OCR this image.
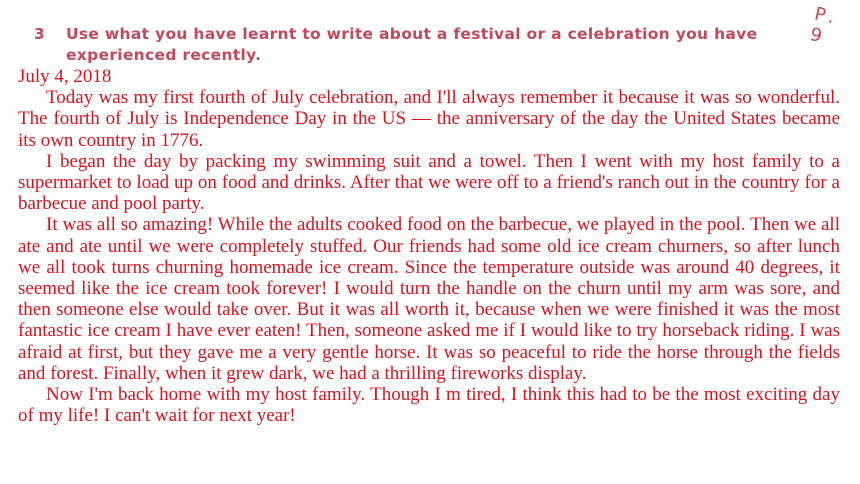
3	Use what you have learnt to write about a festival or a celebration you have experienced recently.
P. 9

July 4, 2018

Today was my first fourth of July celebration, and I'll always remember it because it was so wonderful. The fourth of July is Independence Day in the US — the anniversary of the day the United States became its own country in 1776.

I began the day by packing my swimming suit and a towel. Then I went with my host family to a supermarket to load up on food and drinks. After that we were off to a friend's ranch out in the country for a barbecue and pool party.

It was all so amazing! While the adults cooked food on the barbecue, we played in the pool. Then we all ate and ate until we were completely stuffed. Our friends had some old ice cream churners, so after lunch we all took turns churning homemade ice cream. Since the temperature outside was around 40 degrees, it seemed like the ice cream took forever! I would turn the handle on the churn until my arm was sore, and then someone else would take over. But it was all worth it, because when we were finished it was the most fantastic ice cream I have ever eaten! Then, someone asked me if I would like to try horseback riding. I was afraid at first, but they gave me a very gentle horse. It was so peaceful to ride the horse through the fields and forest. Finally, when it grew dark, we had a thrilling fireworks display.

Now I'm back home with my host family. Though I m tired, I think this had to be the most exciting day of my life! I can't wait for next year!
